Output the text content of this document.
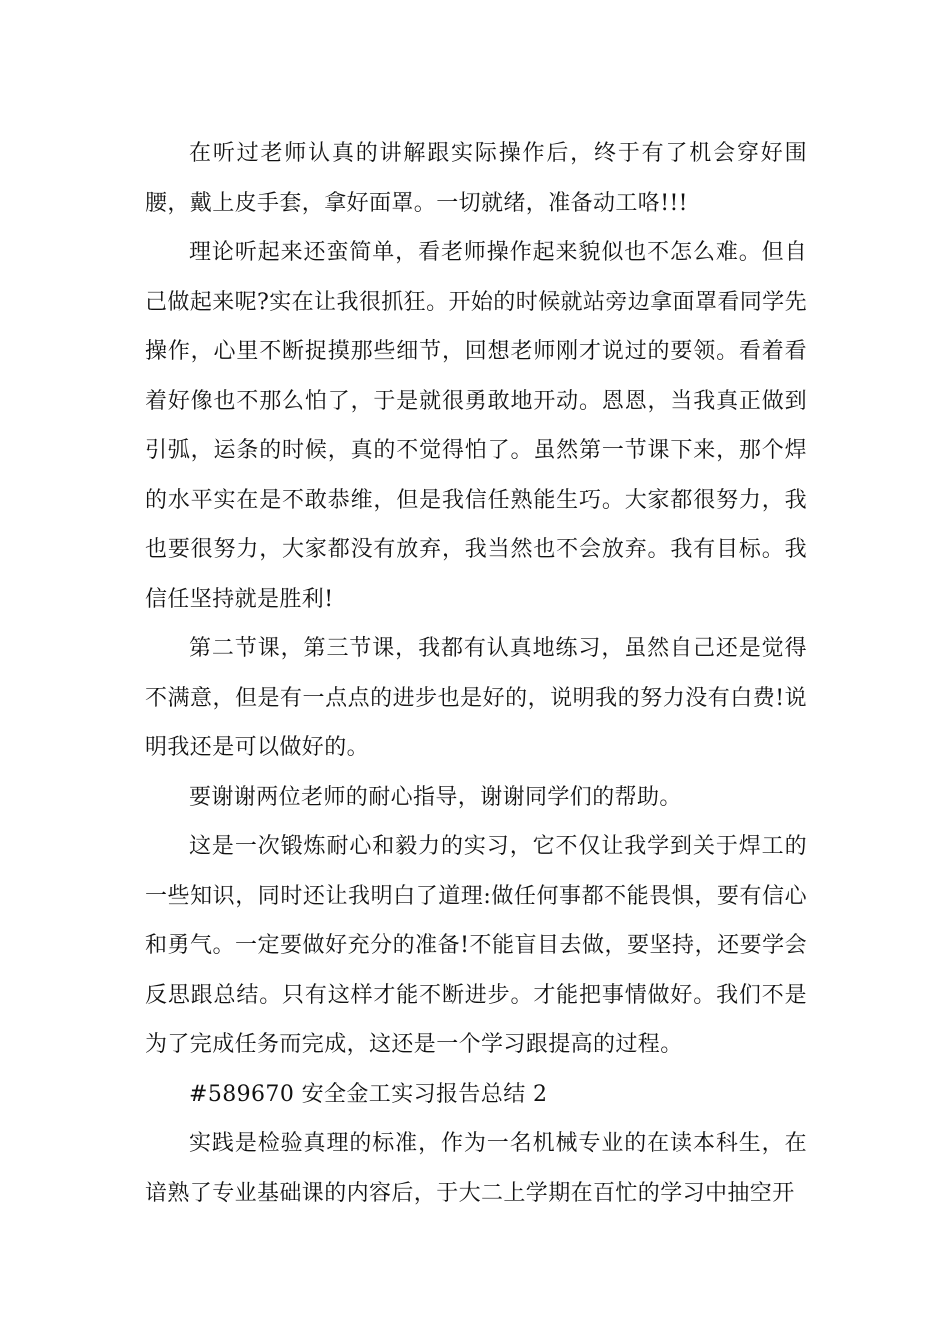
在听过老师认真的讲解跟实际操作后，终于有了机会穿好围腰，戴上皮手套，拿好面罩。一切就绪，准备动工咯!!!

理论听起来还蛮简单，看老师操作起来貌似也不怎么难。但自己做起来呢?实在让我很抓狂。开始的时候就站旁边拿面罩看同学先操作，心里不断捉摸那些细节，回想老师刚才说过的要领。看着看着好像也不那么怕了，于是就很勇敢地开动。恩恩，当我真正做到引弧，运条的时候，真的不觉得怕了。虽然第一节课下来，那个焊的水平实在是不敢恭维，但是我信任熟能生巧。大家都很努力，我也要很努力，大家都没有放弃，我当然也不会放弃。我有目标。我信任坚持就是胜利!

第二节课，第三节课，我都有认真地练习，虽然自己还是觉得不满意，但是有一点点的进步也是好的，说明我的努力没有白费!说明我还是可以做好的。

要谢谢两位老师的耐心指导，谢谢同学们的帮助。

这是一次锻炼耐心和毅力的实习，它不仅让我学到关于焊工的一些知识，同时还让我明白了道理:做任何事都不能畏惧，要有信心和勇气。一定要做好充分的准备!不能盲目去做，要坚持，还要学会反思跟总结。只有这样才能不断进步。才能把事情做好。我们不是为了完成任务而完成，这还是一个学习跟提高的过程。

#589670 安全金工实习报告总结 2

实践是检验真理的标准，作为一名机械专业的在读本科生，在谙熟了专业基础课的内容后，于大二上学期在百忙的学习中抽空开
